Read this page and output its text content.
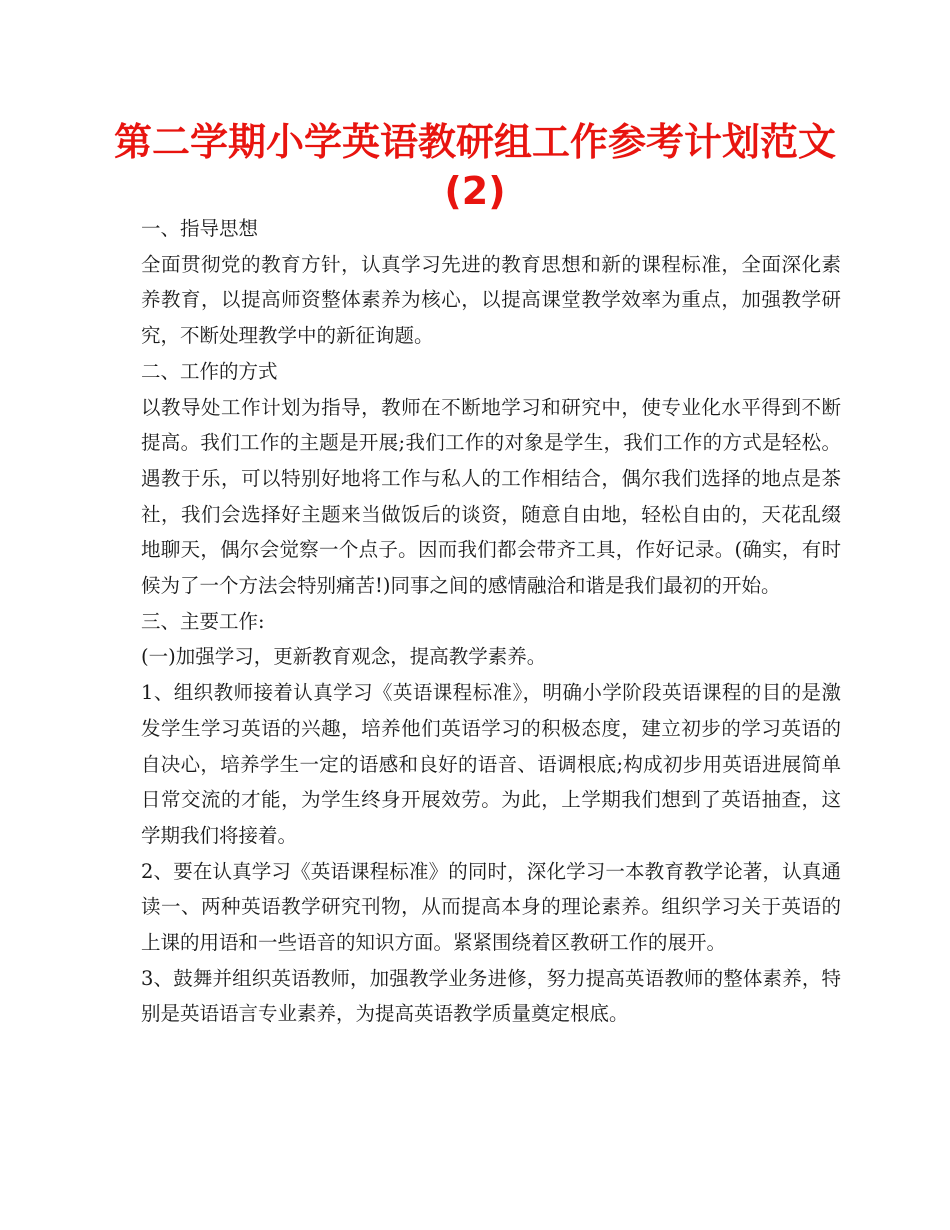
第二学期小学英语教研组工作参考计划范文 (2)

一、指导思想

全面贯彻党的教育方针，认真学习先进的教育思想和新的课程标准，全面深化素养教育，以提高师资整体素养为核心，以提高课堂教学效率为重点，加强教学研究，不断处理教学中的新征询题。

二、工作的方式

以教导处工作计划为指导，教师在不断地学习和研究中，使专业化水平得到不断提高。我们工作的主题是开展;我们工作的对象是学生，我们工作的方式是轻松。遇教于乐，可以特别好地将工作与私人的工作相结合，偶尔我们选择的地点是茶社，我们会选择好主题来当做饭后的谈资，随意自由地，轻松自由的，天花乱缀地聊天，偶尔会觉察一个点子。因而我们都会带齐工具，作好记录。(确实，有时候为了一个方法会特别痛苦!)同事之间的感情融洽和谐是我们最初的开始。

三、主要工作:

(一)加强学习，更新教育观念，提高教学素养。

1、组织教师接着认真学习《英语课程标准》，明确小学阶段英语课程的目的是激发学生学习英语的兴趣，培养他们英语学习的积极态度，建立初步的学习英语的自决心，培养学生一定的语感和良好的语音、语调根底;构成初步用英语进展简单日常交流的才能，为学生终身开展效劳。为此，上学期我们想到了英语抽查，这学期我们将接着。

2、要在认真学习《英语课程标准》的同时，深化学习一本教育教学论著，认真通读一、两种英语教学研究刊物，从而提高本身的理论素养。组织学习关于英语的上课的用语和一些语音的知识方面。紧紧围绕着区教研工作的展开。

3、鼓舞并组织英语教师，加强教学业务进修，努力提高英语教师的整体素养，特别是英语语言专业素养，为提高英语教学质量奠定根底。
